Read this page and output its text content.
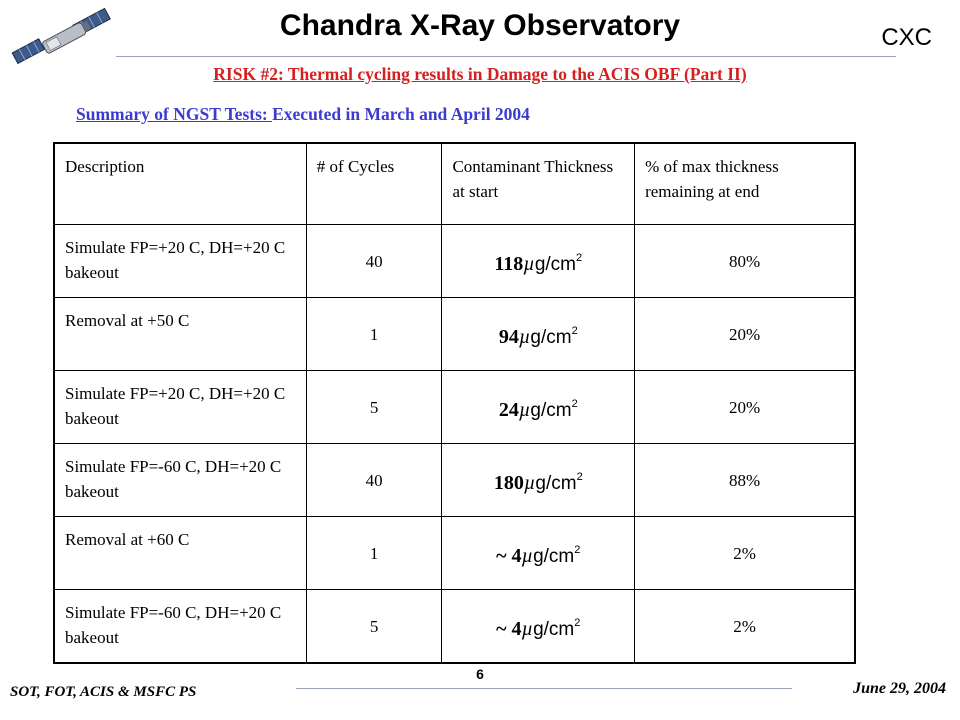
Chandra X-Ray Observatory	CXC
RISK #2: Thermal cycling results in Damage to the ACIS OBF (Part II)
Summary of NGST Tests: Executed in March and April 2004
Description	# of Cycles	Contaminant Thickness at start	% of max thickness remaining at end
Simulate FP=+20 C, DH=+20 C bakeout	40	$118\mu g/cm^2$	80%
Removal at +50 C	1	$94\mu g/cm^2$	20%
Simulate FP=+20 C, DH=+20 C bakeout	5	$24\mu g/cm^2$	20%
Simulate FP=-60 C, DH=+20 C bakeout	40	$180\mu g/cm^2$	88%
Removal at +60 C	1	~ $4\mu g/cm^2$	2%
Simulate FP=-60 C, DH=+20 C bakeout	5	~ $4\mu g/cm^2$	2%
6
SOT, FOT, ACIS & MSFC PS	June 29, 2004
